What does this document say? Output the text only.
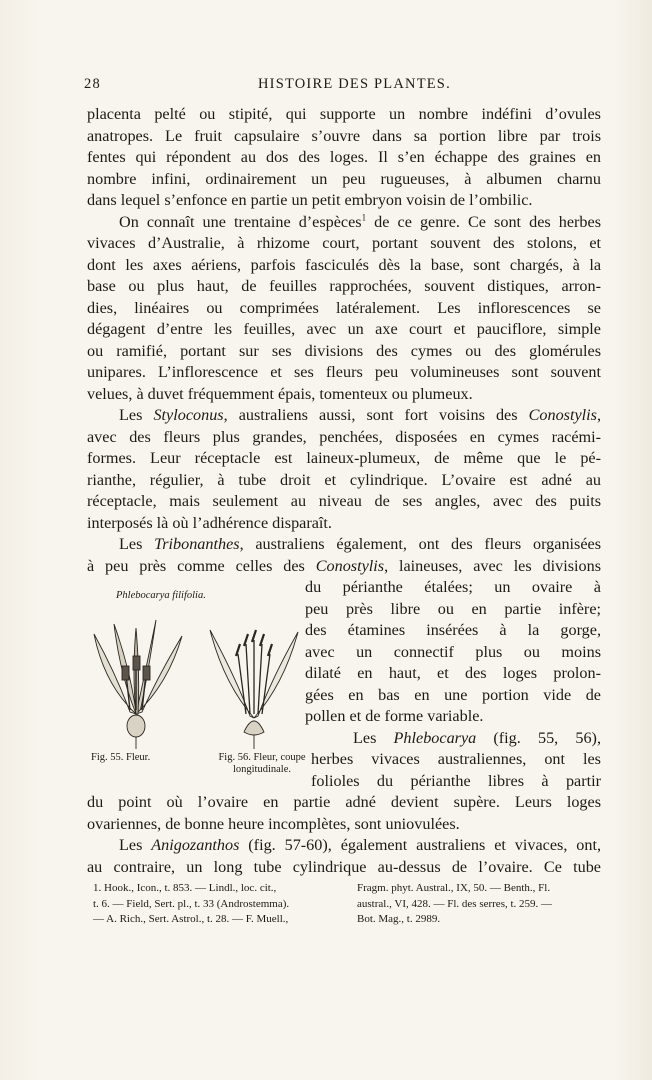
28	HISTOIRE DES PLANTES.
placenta pelté ou stipité, qui supporte un nombre indéfini d’ovules
anatropes. Le fruit capsulaire s’ouvre dans sa portion libre par trois
fentes qui répondent au dos des loges. Il s’en échappe des graines en
nombre infini, ordinairement un peu rugueuses, à albumen charnu
dans lequel s’enfonce en partie un petit embryon voisin de l’ombilic.
On connaît une trentaine d’espèces$^1$ de ce genre. Ce sont des herbes
vivaces d’Australie, à rhizome court, portant souvent des stolons, et
dont les axes aériens, parfois fasciculés dès la base, sont chargés, à la
base ou plus haut, de feuilles rapprochées, souvent distiques, arron-
dies, linéaires ou comprimées latéralement. Les inflorescences se
dégagent d’entre les feuilles, avec un axe court et pauciflore, simple
ou ramifié, portant sur ses divisions des cymes ou des glomérules
unipares. L’inflorescence et ses fleurs peu volumineuses sont souvent
velues, à duvet fréquemment épais, tomenteux ou plumeux.
Les Styloconus, australiens aussi, sont fort voisins des Conostylis,
avec des fleurs plus grandes, penchées, disposées en cymes racémi-
formes. Leur réceptacle est laineux-plumeux, de même que le pé-
rianthe, régulier, à tube droit et cylindrique. L’ovaire est adné au
réceptacle, mais seulement au niveau de ses angles, avec des puits
interposés là où l’adhérence disparaît.
Les Tribonanthes, australiens également, ont des fleurs organisées
à peu près comme celles des Conostylis, laineuses, avec les divisions
du périanthe étalées; un ovaire à
peu près libre ou en partie infère;
des étamines insérées à la gorge,
avec un connectif plus ou moins
dilaté en haut, et des loges prolon-
gées en bas en une portion vide de
pollen et de forme variable.
Les Phlebocarya (fig. 55, 56),
herbes vivaces australiennes, ont les
folioles du périanthe libres à partir
du point où l’ovaire en partie adné devient supère. Leurs loges
ovariennes, de bonne heure incomplètes, sont uniovulées.
Les Anigozanthos (fig. 57-60), également australiens et vivaces, ont,
au contraire, un long tube cylindrique au-dessus de l’ovaire. Ce tube
Phlebocarya filifolia.
Fig. 55. Fleur.	Fig. 56. Fleur, coupe
longitudinale.
1. Hook., Icon., t. 853. — Lindl., loc. cit.,
t. 6. — Field, Sert. pl., t. 33 (Androstemma).
— A. Rich., Sert. Astrol., t. 28. — F. Muell.,
Fragm. phyt. Austral., IX, 50. — Benth., Fl.
austral., VI, 428. — Fl. des serres, t. 259. —
Bot. Mag., t. 2989.
